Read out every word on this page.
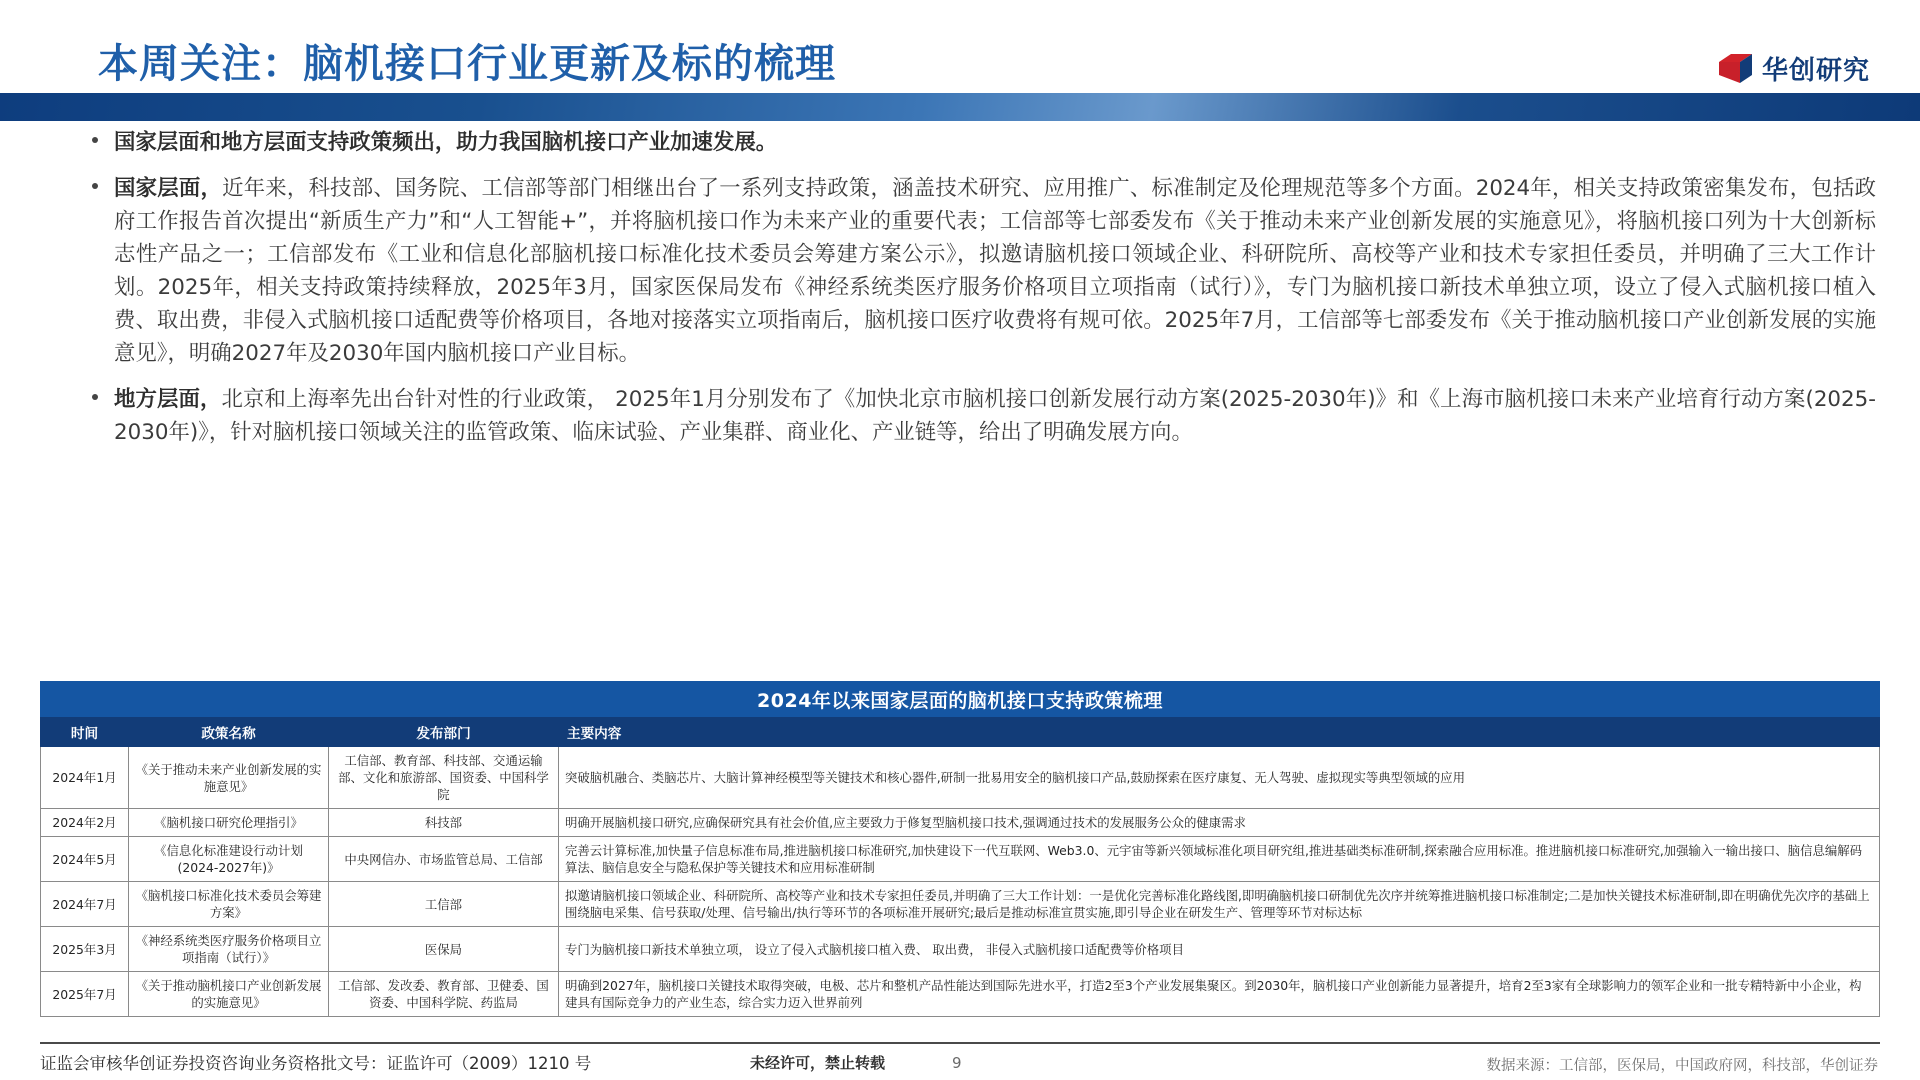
本周关注：脑机接口行业更新及标的梳理	华创研究
国家层面和地方层面支持政策频出，助力我国脑机接口产业加速发展。
国家层面，近年来，科技部、国务院、工信部等部门相继出台了一系列支持政策，涵盖技术研究、应用推广、标准制定及伦理规范等多个方面。2024年，相关支持政策密集发布，包括政府工作报告首次提出“新质生产力”和“人工智能+”，并将脑机接口作为未来产业的重要代表；工信部等七部委发布《关于推动未来产业创新发展的实施意见》，将脑机接口列为十大创新标志性产品之一；工信部发布《工业和信息化部脑机接口标准化技术委员会筹建方案公示》，拟邀请脑机接口领域企业、科研院所、高校等产业和技术专家担任委员，并明确了三大工作计划。2025年，相关支持政策持续释放，2025年3月，国家医保局发布《神经系统类医疗服务价格项目立项指南（试行）》，专门为脑机接口新技术单独立项，设立了侵入式脑机接口植入费、取出费，非侵入式脑机接口适配费等价格项目，各地对接落实立项指南后，脑机接口医疗收费将有规可依。2025年7月，工信部等七部委发布《关于推动脑机接口产业创新发展的实施意见》，明确2027年及2030年国内脑机接口产业目标。
地方层面，北京和上海率先出台针对性的行业政策， 2025年1月分别发布了《加快北京市脑机接口创新发展行动方案(2025-2030年)》和《上海市脑机接口未来产业培育行动方案(2025-2030年)》，针对脑机接口领域关注的监管政策、临床试验、产业集群、商业化、产业链等，给出了明确发展方向。
2024年以来国家层面的脑机接口支持政策梳理
时间	政策名称	发布部门	主要内容
2024年1月	《关于推动未来产业创新发展的实施意见》	工信部、教育部、科技部、交通运输部、文化和旅游部、国资委、中国科学院	突破脑机融合、类脑芯片、大脑计算神经模型等关键技术和核心器件,研制一批易用安全的脑机接口产品,鼓励探索在医疗康复、无人驾驶、虚拟现实等典型领域的应用
2024年2月	《脑机接口研究伦理指引》	科技部	明确开展脑机接口研究,应确保研究具有社会价值,应主要致力于修复型脑机接口技术,强调通过技术的发展服务公众的健康需求
2024年5月	《信息化标准建设行动计划(2024-2027年)》	中央网信办、市场监管总局、工信部	完善云计算标准,加快量子信息标准布局,推进脑机接口标准研究,加快建设下一代互联网、Web3.0、元宇宙等新兴领域标准化项目研究组,推进基础类标准研制,探索融合应用标准。推进脑机接口标准研究,加强输入一输出接口、脑信息编解码算法、脑信息安全与隐私保护等关键技术和应用标准研制
2024年7月	《脑机接口标准化技术委员会筹建方案》	工信部	拟邀请脑机接口领域企业、科研院所、高校等产业和技术专家担任委员,并明确了三大工作计划：一是优化完善标准化路线图,即明确脑机接口研制优先次序并统筹推进脑机接口标准制定;二是加快关键技术标准研制,即在明确优先次序的基础上围绕脑电采集、信号获取/处理、信号输出/执行等环节的各项标准开展研究;最后是推动标准宣贯实施,即引导企业在研发生产、管理等环节对标达标
2025年3月	《神经系统类医疗服务价格项目立项指南（试行）》	医保局	专门为脑机接口新技术单独立项， 设立了侵入式脑机接口植入费、 取出费， 非侵入式脑机接口适配费等价格项目
2025年7月	《关于推动脑机接口产业创新发展的实施意见》	工信部、发改委、教育部、卫健委、国资委、中国科学院、药监局	明确到2027年，脑机接口关键技术取得突破，电极、芯片和整机产品性能达到国际先进水平，打造2至3个产业发展集聚区。到2030年，脑机接口产业创新能力显著提升，培育2至3家有全球影响力的领军企业和一批专精特新中小企业，构建具有国际竞争力的产业生态，综合实力迈入世界前列
证监会审核华创证券投资咨询业务资格批文号：证监许可（2009）1210 号	未经许可，禁止转载	9	数据来源：工信部，医保局，中国政府网，科技部，华创证券
